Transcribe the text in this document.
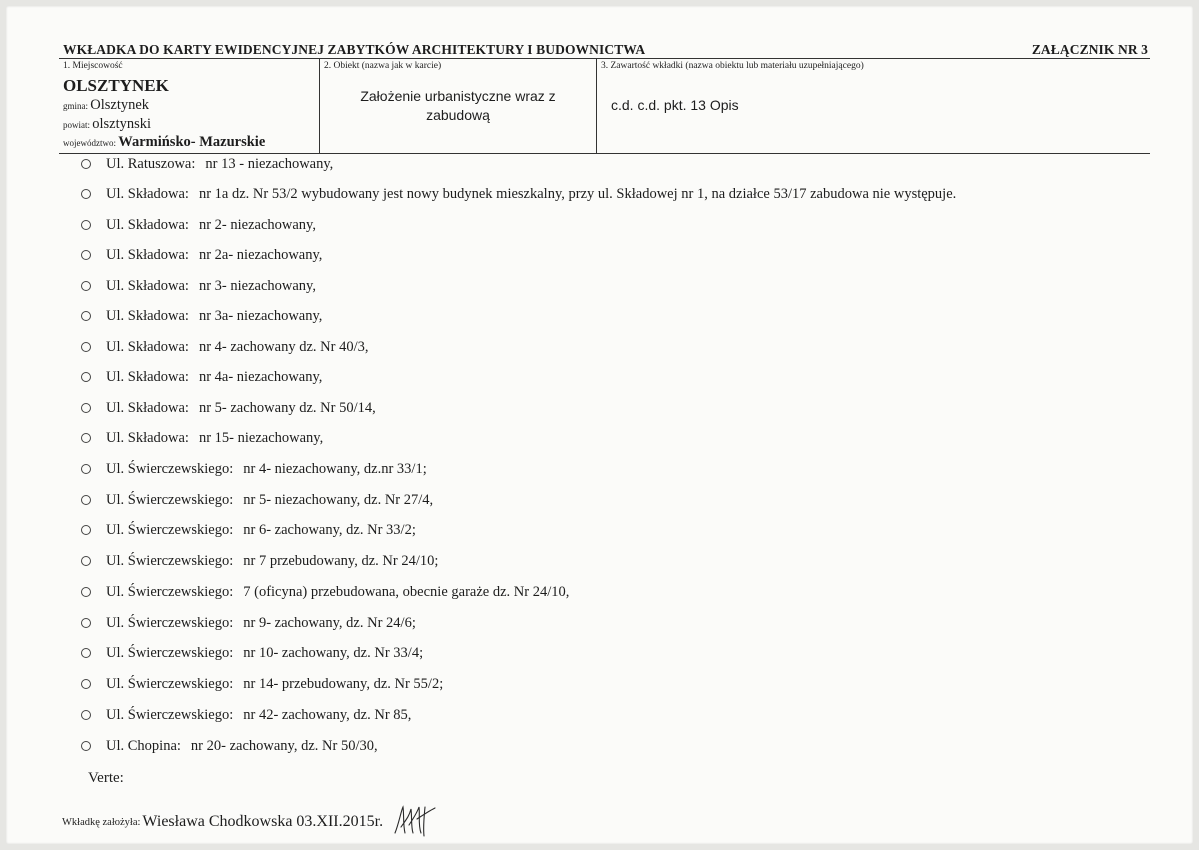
WKŁADKA DO KARTY EWIDENCYJNEJ ZABYTKÓW ARCHITEKTURY I BUDOWNICTWA	ZAŁĄCZNIK NR 3
1. Miejscowość
OLSZTYNEK
gmina: Olsztynek
powiat: olsztynski
województwo: Warmińsko- Mazurskie
2. Obiekt (nazwa jak w karcie)
Założenie urbanistyczne wraz z
zabudową
3. Zawartość wkładki (nazwa obiektu lub materiału uzupełniającego)
c.d. c.d. pkt. 13 Opis
Ul. Ratuszowa: nr 13 - niezachowany,
Ul. Składowa: nr 1a dz. Nr 53/2 wybudowany jest nowy budynek mieszkalny, przy ul. Składowej nr 1, na działce 53/17 zabudowa nie występuje.
Ul. Składowa: nr 2- niezachowany,
Ul. Składowa: nr 2a- niezachowany,
Ul. Składowa: nr 3- niezachowany,
Ul. Składowa: nr 3a- niezachowany,
Ul. Składowa: nr 4- zachowany dz. Nr 40/3,
Ul. Składowa: nr 4a- niezachowany,
Ul. Składowa: nr 5- zachowany dz. Nr 50/14,
Ul. Składowa: nr 15- niezachowany,
Ul. Świerczewskiego: nr 4- niezachowany, dz.nr 33/1;
Ul. Świerczewskiego: nr 5- niezachowany, dz. Nr 27/4,
Ul. Świerczewskiego: nr 6- zachowany, dz. Nr 33/2;
Ul. Świerczewskiego: nr 7 przebudowany, dz. Nr 24/10;
Ul. Świerczewskiego: 7 (oficyna) przebudowana, obecnie garaże dz. Nr 24/10,
Ul. Świerczewskiego: nr 9- zachowany, dz. Nr 24/6;
Ul. Świerczewskiego: nr 10- zachowany, dz. Nr 33/4;
Ul. Świerczewskiego: nr 14- przebudowany, dz. Nr 55/2;
Ul. Świerczewskiego: nr 42- zachowany, dz. Nr 85,
Ul. Chopina: nr 20- zachowany, dz. Nr 50/30,
Verte:
Wkładkę założyła: Wiesława Chodkowska 03.XII.2015r.
